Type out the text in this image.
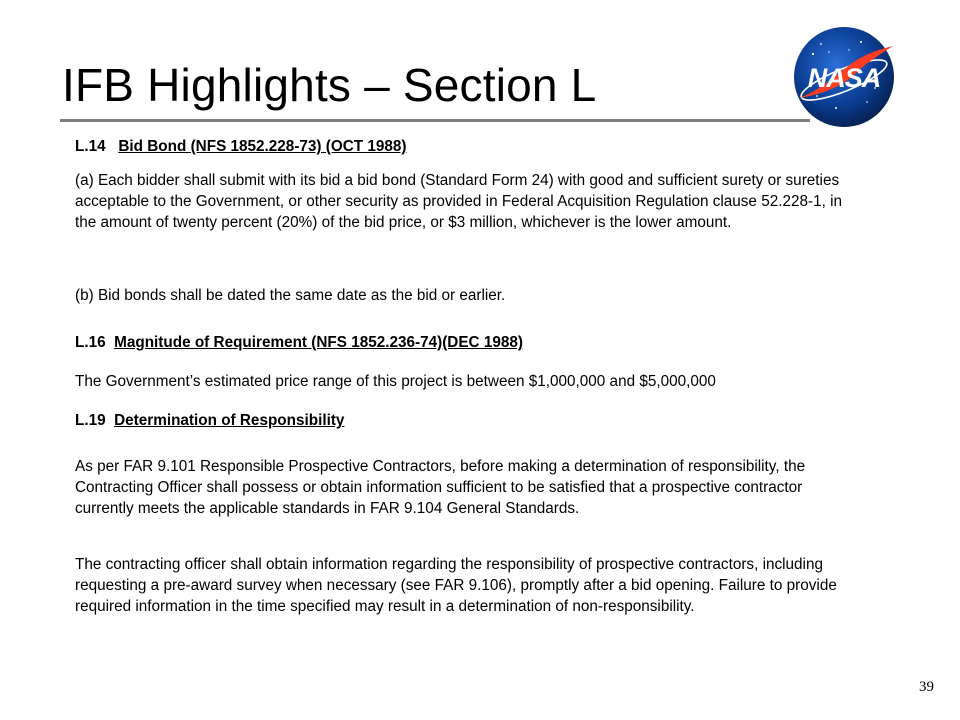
IFB Highlights – Section L	NASA
L.14 Bid Bond (NFS 1852.228-73) (OCT 1988)

(a) Each bidder shall submit with its bid a bid bond (Standard Form 24) with good and sufficient surety or sureties acceptable to the Government, or other security as provided in Federal Acquisition Regulation clause 52.228-1, in the amount of twenty percent (20%) of the bid price, or $3 million, whichever is the lower amount.

(b) Bid bonds shall be dated the same date as the bid or earlier.

L.16 Magnitude of Requirement (NFS 1852.236-74)(DEC 1988)

The Government’s estimated price range of this project is between $1,000,000 and $5,000,000

L.19 Determination of Responsibility

As per FAR 9.101 Responsible Prospective Contractors, before making a determination of responsibility, the Contracting Officer shall possess or obtain information sufficient to be satisfied that a prospective contractor currently meets the applicable standards in FAR 9.104 General Standards.

The contracting officer shall obtain information regarding the responsibility of prospective contractors, including requesting a pre-award survey when necessary (see FAR 9.106), promptly after a bid opening. Failure to provide required information in the time specified may result in a determination of non-responsibility.

39
